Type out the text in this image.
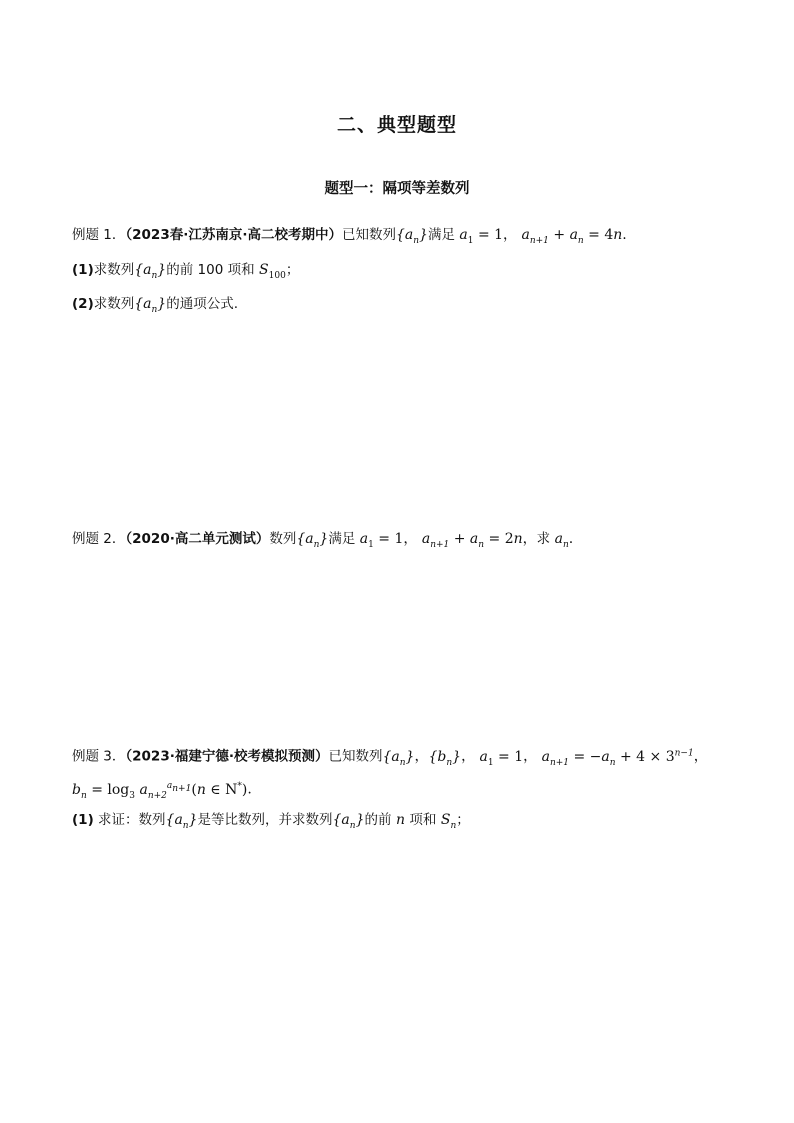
二、典型题型
题型一：隔项等差数列
例题 1．（2023春·江苏南京·高二校考期中）已知数列$\{a_n\}$满足 $a_1 = 1$， $a_{n+1} + a_n = 4n$.
(1)求数列$\{a_n\}$的前 100 项和 $S_{100}$；
(2)求数列$\{a_n\}$的通项公式.
例题 2．（2020·高二单元测试）数列$\{a_n\}$满足 $a_1 = 1$， $a_{n+1} + a_n = 2n$，求 $a_n$.
例题 3．（2023·福建宁德·校考模拟预测）已知数列$\{a_n\}$，$\{b_n\}$， $a_1 = 1$， $a_{n+1} = -a_n + 4 \times 3^{n-1}$，
$b_n = \log_3 a_{n+2}^{a_{n+1}}(n$ ∈ N*).
(1) 求证：数列$\{a_n\}$是等比数列，并求数列$\{a_n\}$的前 n 项和 $S_n$；
